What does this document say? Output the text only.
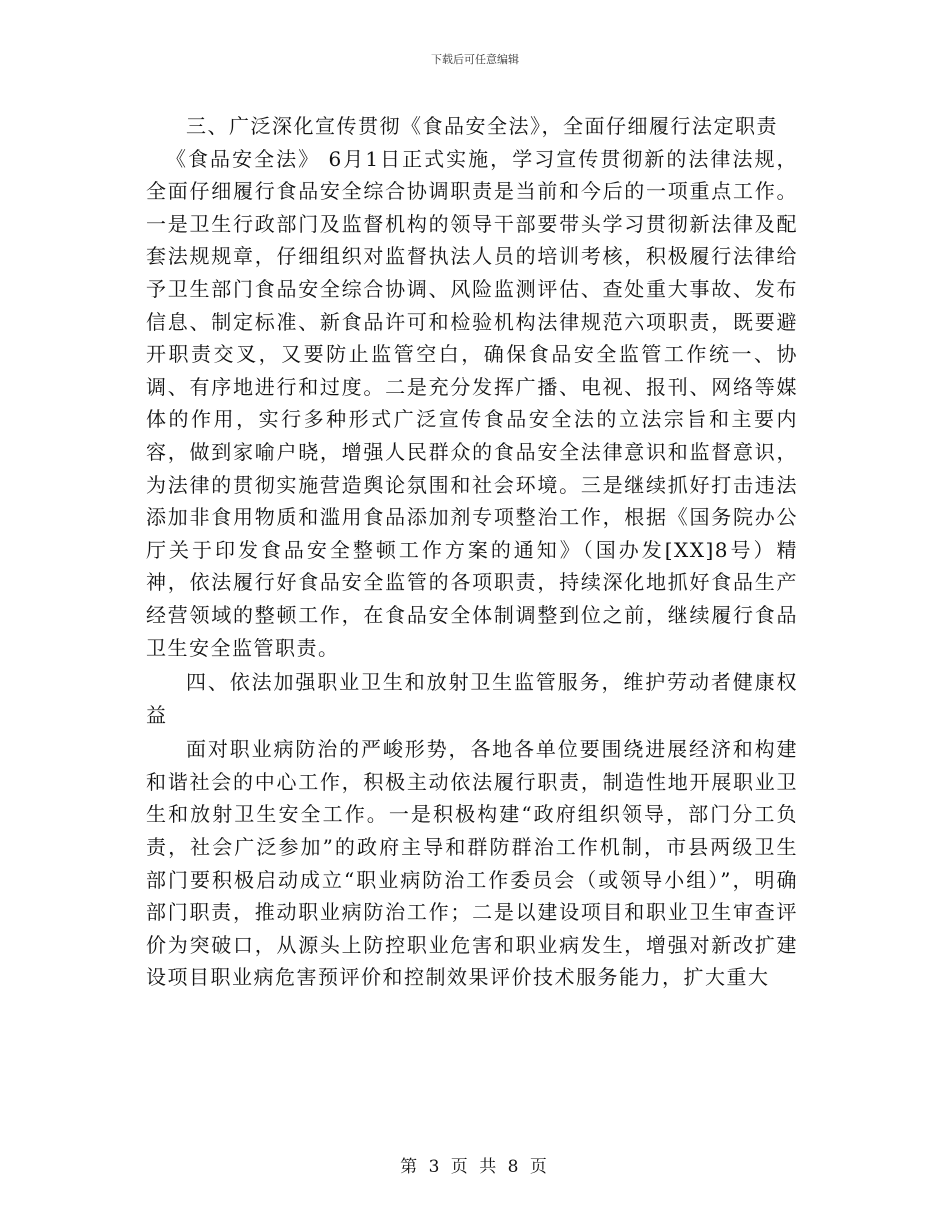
下载后可任意编辑

三、广泛深化宣传贯彻《食品安全法》，全面仔细履行法定职责

《食品安全法》 6月1日正式实施，学习宣传贯彻新的法律法规，全面仔细履行食品安全综合协调职责是当前和今后的一项重点工作。一是卫生行政部门及监督机构的领导干部要带头学习贯彻新法律及配套法规规章，仔细组织对监督执法人员的培训考核，积极履行法律给予卫生部门食品安全综合协调、风险监测评估、查处重大事故、发布信息、制定标准、新食品许可和检验机构法律规范六项职责，既要避开职责交叉，又要防止监管空白，确保食品安全监管工作统一、协调、有序地进行和过度。二是充分发挥广播、电视、报刊、网络等媒体的作用，实行多种形式广泛宣传食品安全法的立法宗旨和主要内容，做到家喻户晓，增强人民群众的食品安全法律意识和监督意识，为法律的贯彻实施营造舆论氛围和社会环境。三是继续抓好打击违法添加非食用物质和滥用食品添加剂专项整治工作，根据《国务院办公厅关于印发食品安全整顿工作方案的通知》（国办发[XX]8号）精神，依法履行好食品安全监管的各项职责，持续深化地抓好食品生产经营领域的整顿工作，在食品安全体制调整到位之前，继续履行食品卫生安全监管职责。

四、依法加强职业卫生和放射卫生监管服务，维护劳动者健康权益

面对职业病防治的严峻形势，各地各单位要围绕进展经济和构建和谐社会的中心工作，积极主动依法履行职责，制造性地开展职业卫生和放射卫生安全工作。一是积极构建“政府组织领导，部门分工负责，社会广泛参加”的政府主导和群防群治工作机制，市县两级卫生部门要积极启动成立“职业病防治工作委员会（或领导小组）”，明确部门职责，推动职业病防治工作；二是以建设项目和职业卫生审查评价为突破口，从源头上防控职业危害和职业病发生，增强对新改扩建设项目职业病危害预评价和控制效果评价技术服务能力，扩大重大

第 3 页 共 8 页
